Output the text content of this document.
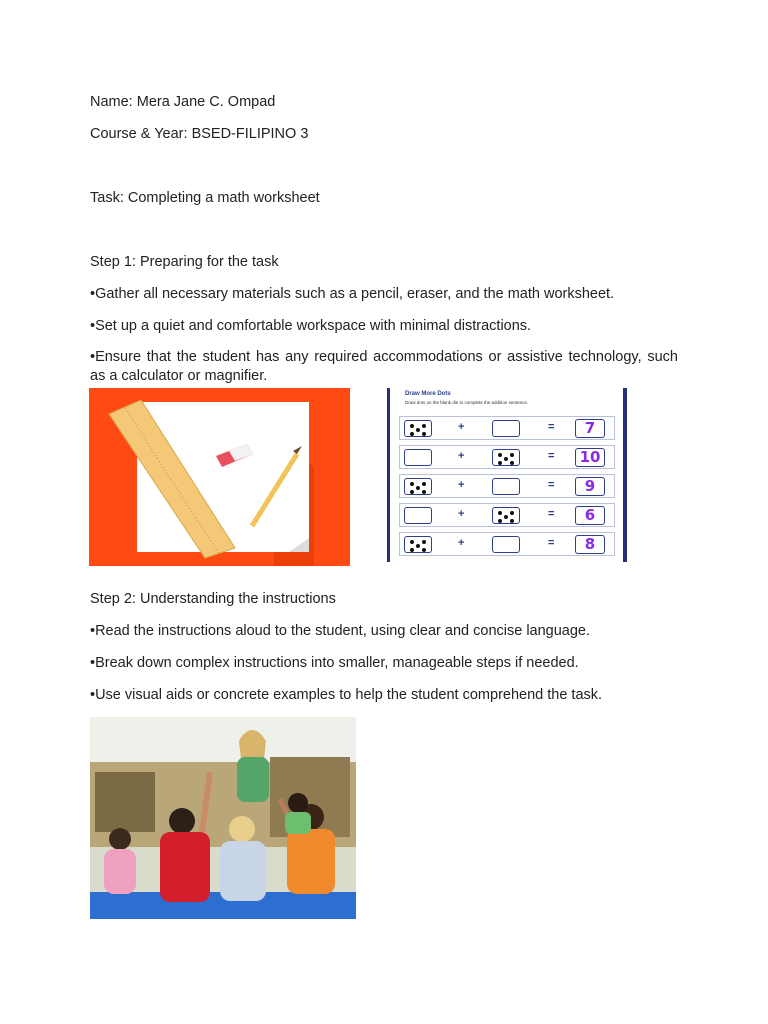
Name: Mera Jane C. Ompad
Course & Year: BSED-FILIPINO 3
Task: Completing a math worksheet
Step 1: Preparing for the task
•Gather all necessary materials such as a pencil, eraser, and the math worksheet.
•Set up a quiet and comfortable workspace with minimal distractions.
•Ensure that the student has any required accommodations or assistive technology, such as a calculator or magnifier.
Draw More Dots
Draw dots on the blank die to complete the addition sentence.
+	=	7
+	=	10
+	=	9
+	=	6
+	=	8
Step 2: Understanding the instructions
•Read the instructions aloud to the student, using clear and concise language.
•Break down complex instructions into smaller, manageable steps if needed.
•Use visual aids or concrete examples to help the student comprehend the task.
